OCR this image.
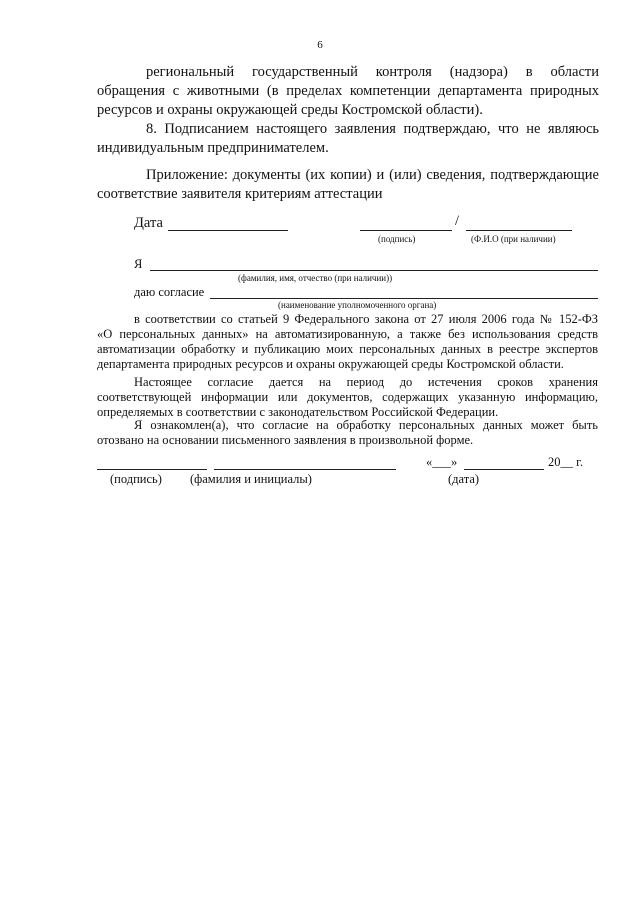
6
региональный государственный контроля (надзора) в области
обращения с животными (в пределах компетенции департамента природных
ресурсов и охраны окружающей среды Костромской области).
8. Подписанием настоящего заявления подтверждаю, что не являюсь
индивидуальным предпринимателем.
Приложение: документы (их копии) и (или) сведения, подтверждающие
соответствие заявителя критериям аттестации
Дата	/
(подпись)	(Ф.И.О (при наличии)
Я
(фамилия, имя, отчество (при наличии))
даю согласие
(наименование уполномоченного органа)
в соответствии со статьей 9 Федерального закона от 27 июля 2006 года № 152-ФЗ
«О персональных данных» на автоматизированную, а также без использования средств
автоматизации обработку и публикацию моих персональных данных в реестре экспертов
департамента природных ресурсов и охраны окружающей среды Костромской области.
Настоящее согласие дается на период до истечения сроков хранения
соответствующей информации или документов, содержащих указанную информацию,
определяемых в соответствии с законодательством Российской Федерации.
Я ознакомлен(а), что согласие на обработку персональных данных может быть
отозвано на основании письменного заявления в произвольной форме.
«___»	20__ г.
(подпись) (фамилия и инициалы)	(дата)
